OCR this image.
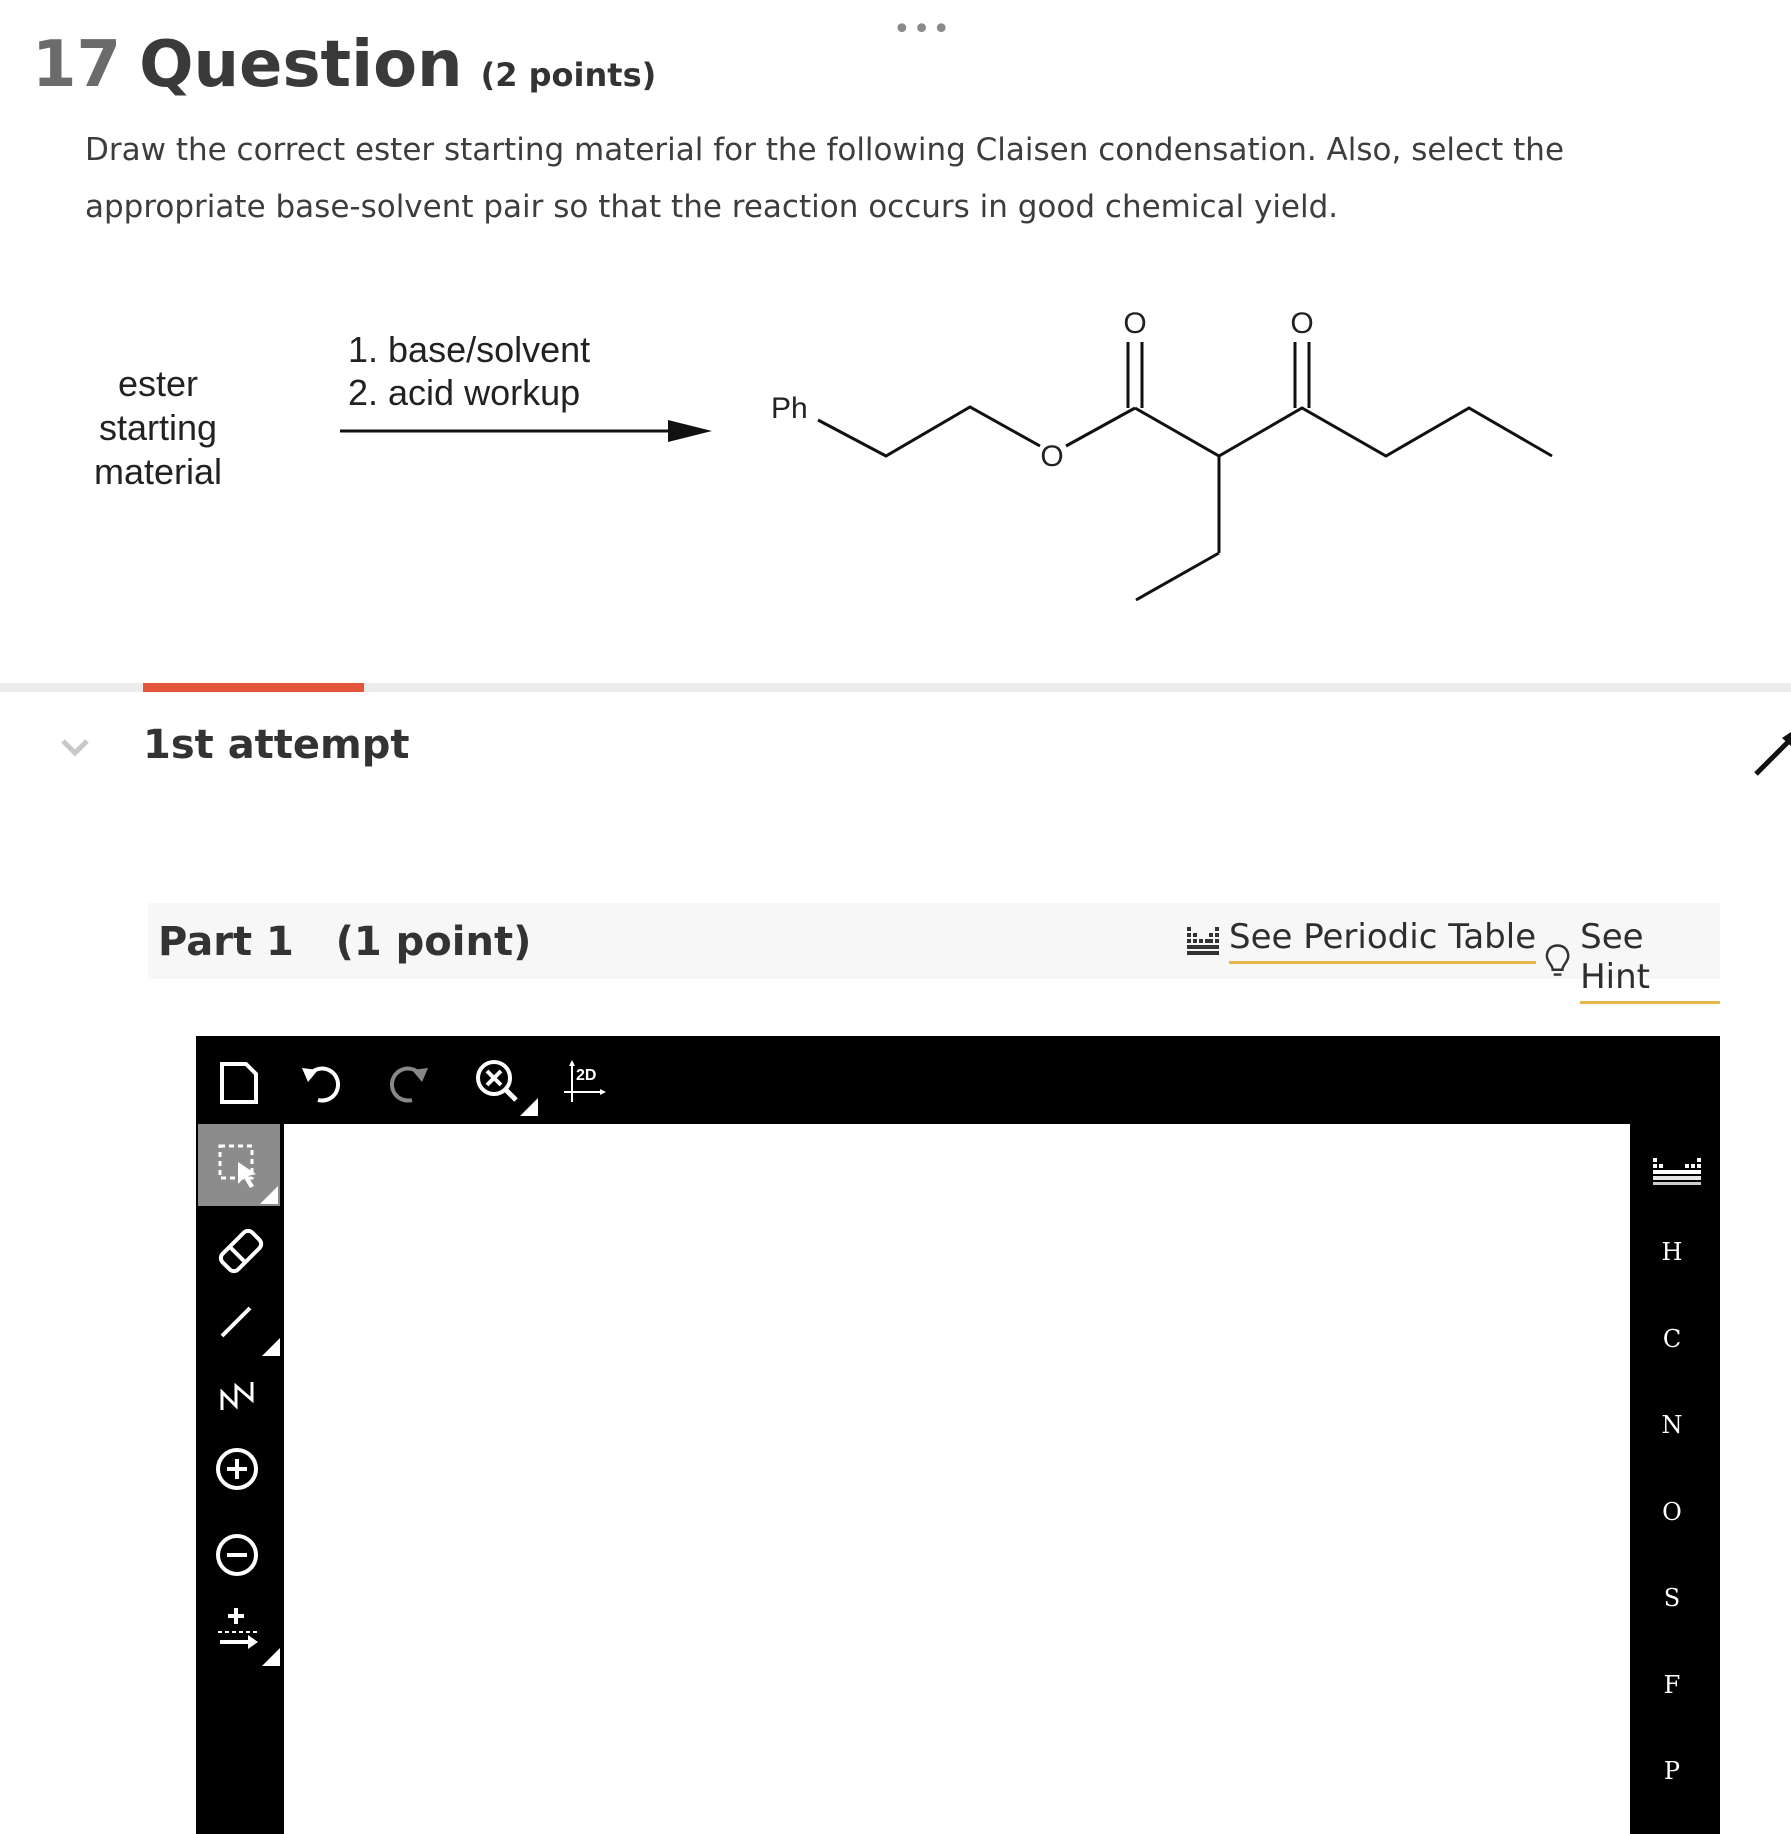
•••
17 Question (2 points)
Draw the correct ester starting material for the following Claisen condensation. Also, select the appropriate base-solvent pair so that the reaction occurs in good chemical yield.
ester
starting
material
1. base/solvent
2. acid workup	Ph
O
O	O
1st attempt
Part 1 (1 point)	See Periodic Table See Hint
2D
H
C
N
O
S
F
P
